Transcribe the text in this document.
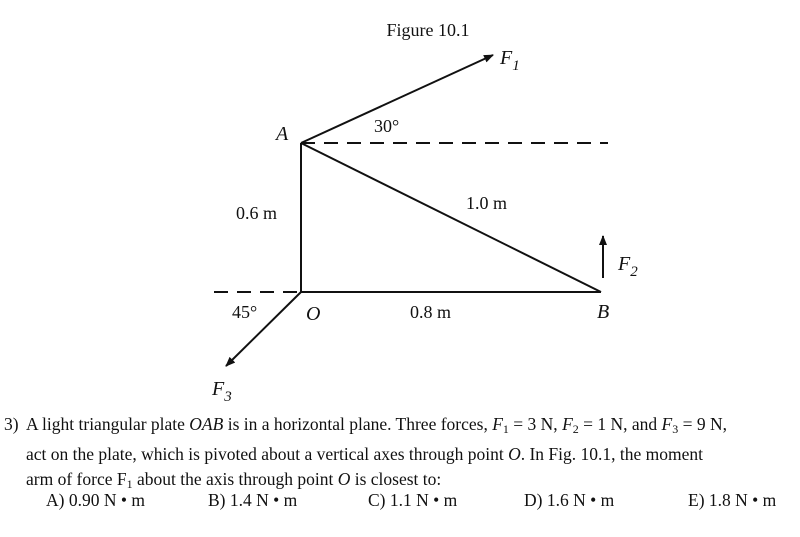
Figure 10.1
A
O	B
$F_1$
$F_2$
$F_3$
30°
45°
0.6 m	1.0 m
0.8 m
3) A light triangular plate OAB is in a horizontal plane. Three forces, $F_1 = 3$ N, $F_2 = 1$ N, and $F_3 = 9$ N,
act on the plate, which is pivoted about a vertical axes through point O. In Fig. 10.1, the moment
arm of force $F_1$ about the axis through point O is closest to:
A) 0.90 N • m	B) 1.4 N • m	C) 1.1 N • m	D) 1.6 N • m	E) 1.8 N • m
